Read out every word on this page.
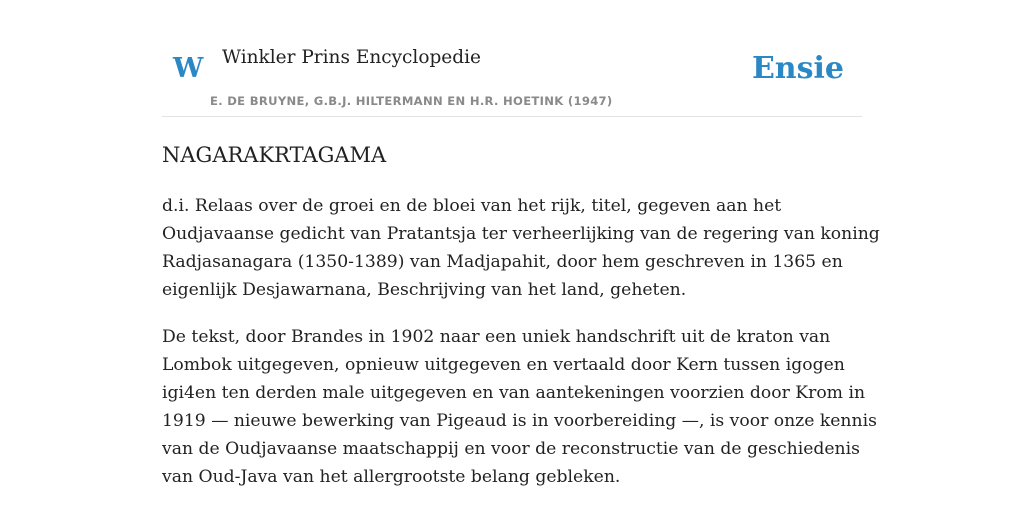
W Winkler Prins Encyclopedie	Ensie
E. DE BRUYNE, G.B.J. HILTERMANN EN H.R. HOETINK (1947)
NAGARAKRTAGAMA

d.i. Relaas over de groei en de bloei van het rijk, titel, gegeven aan het
Oudjavaanse gedicht van Pratantsja ter verheerlijking van de regering van koning
Radjasanagara (1350-1389) van Madjapahit, door hem geschreven in 1365 en
eigenlijk Desjawarnana, Beschrijving van het land, geheten.

De tekst, door Brandes in 1902 naar een uniek handschrift uit de kraton van
Lombok uitgegeven, opnieuw uitgegeven en vertaald door Kern tussen igogen
igi4en ten derden male uitgegeven en van aantekeningen voorzien door Krom in
1919 — nieuwe bewerking van Pigeaud is in voorbereiding —, is voor onze kennis
van de Oudjavaanse maatschappij en voor de reconstructie van de geschiedenis
van Oud-Java van het allergrootste belang gebleken.
